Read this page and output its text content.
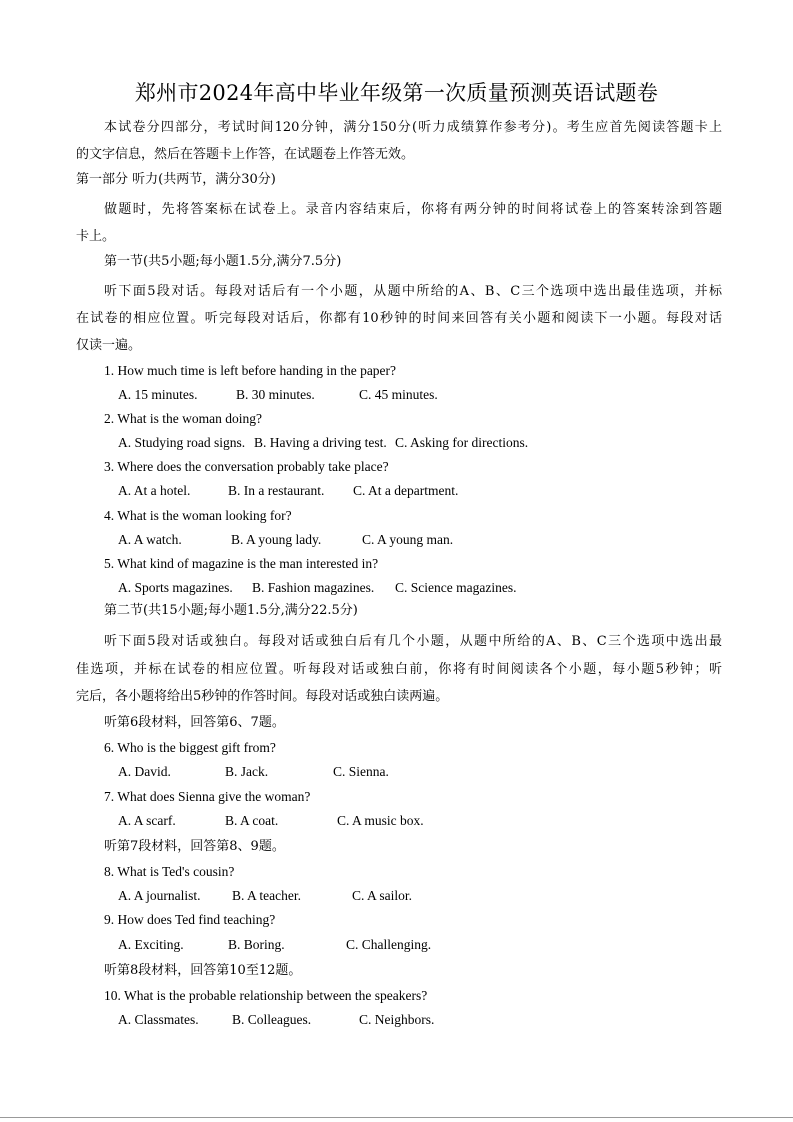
郑州市2024年高中毕业年级第一次质量预测英语试题卷
本试卷分四部分，考试时间120分钟，满分150分(听力成绩算作参考分)。考生应首先阅读答题卡上
的文字信息，然后在答题卡上作答，在试题卷上作答无效。
第一部分 听力(共两节，满分30分)
做题时，先将答案标在试卷上。录音内容结束后，你将有两分钟的时间将试卷上的答案转涂到答题
卡上。
第一节(共5小题;每小题1.5分,满分7.5分)
听下面5段对话。每段对话后有一个小题，从题中所给的A、B、C三个选项中选出最佳选项，并标
在试卷的相应位置。听完每段对话后，你都有10秒钟的时间来回答有关小题和阅读下一小题。每段对话
仅读一遍。
1. How much time is left before handing in the paper?
A. 15 minutes.	B. 30 minutes.	C. 45 minutes.
2. What is the woman doing?
A. Studying road signs. B. Having a driving test. C. Asking for directions.
3. Where does the conversation probably take place?
A. At a hotel.	B. In a restaurant. C. At a department.
4. What is the woman looking for?
A. A watch.	B. A young lady.	C. A young man.
5. What kind of magazine is the man interested in?
A. Sports magazines. B. Fashion magazines. C. Science magazines.
第二节(共15小题;每小题1.5分,满分22.5分)
听下面5段对话或独白。每段对话或独白后有几个小题，从题中所给的A、B、C三个选项中选出最
佳选项，并标在试卷的相应位置。听每段对话或独白前，你将有时间阅读各个小题，每小题5秒钟；听
完后，各小题将给出5秒钟的作答时间。每段对话或独白读两遍。
听第6段材料，回答第6、7题。
6. Who is the biggest gift from?
A. David.	B. Jack.	C. Sienna.
7. What does Sienna give the woman?
A. A scarf.	B. A coat.	C. A music box.
听第7段材料，回答第8、9题。
8. What is Ted's cousin?
A. A journalist. B. A teacher.	C. A sailor.
9. How does Ted find teaching?
A. Exciting.	B. Boring.	C. Challenging.
听第8段材料，回答第10至12题。
10. What is the probable relationship between the speakers?
A. Classmates. B. Colleagues.	C. Neighbors.
